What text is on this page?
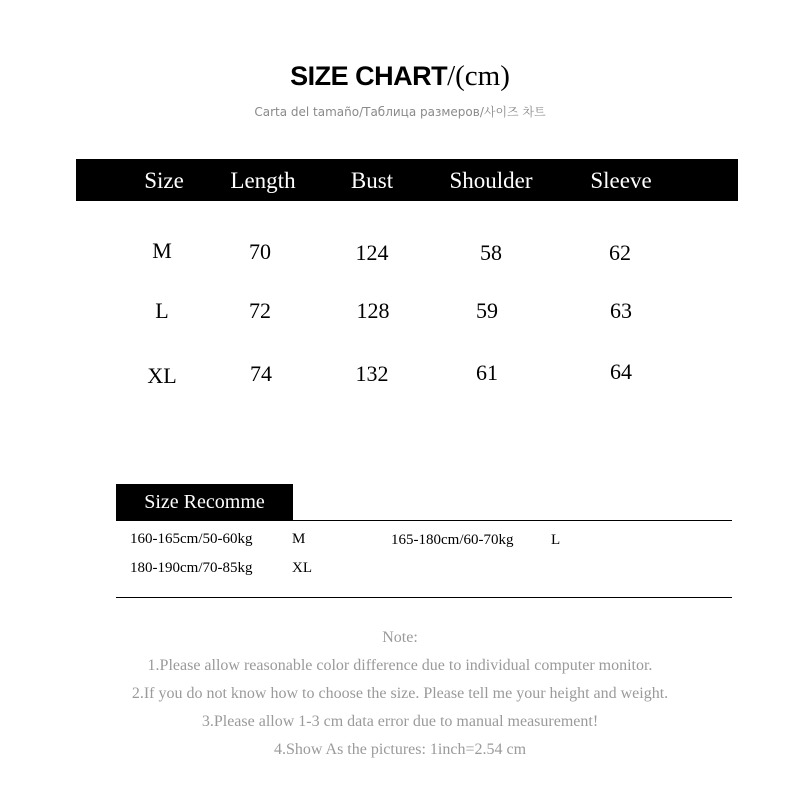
SIZE CHART/(cm)
Carta del tamaño/Таблица размеров/사이즈 차트
Size Length Bust Shoulder	Sleeve
M	70	124	58	62
L	72	128	59	63
XL	74	132	61	64
Size Recomme
160-165cm/50-60kg	M	165-180cm/60-70kg	L
180-190cm/70-85kg	XL
Note:
1.Please allow reasonable color difference due to individual computer monitor.
2.If you do not know how to choose the size. Please tell me your height and weight.
3.Please allow 1-3 cm data error due to manual measurement!
4.Show As the pictures: 1inch=2.54 cm
